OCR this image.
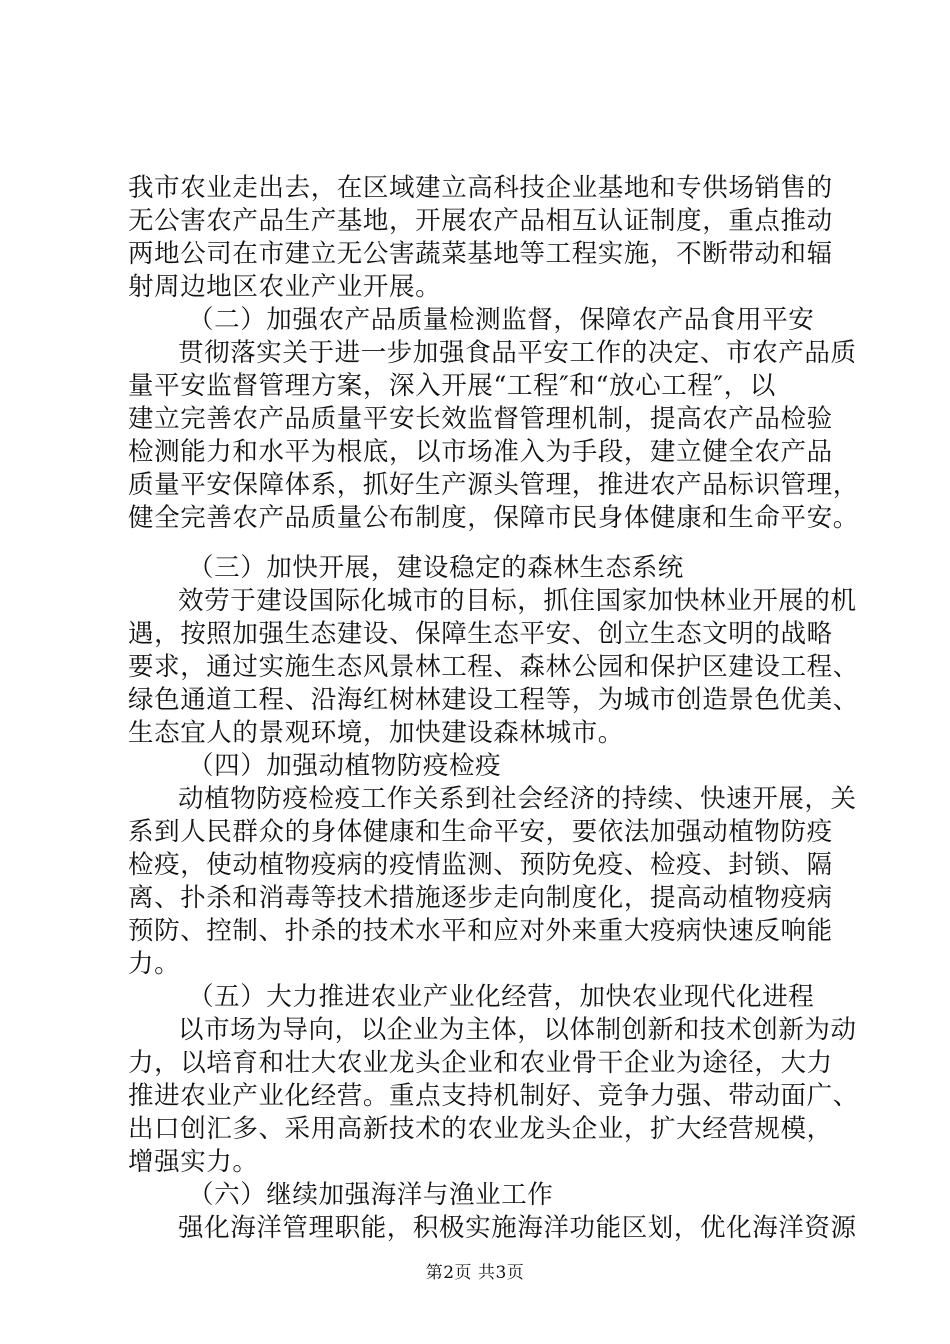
我市农业走出去，在区域建立高科技企业基地和专供场销售的
无公害农产品生产基地，开展农产品相互认证制度，重点推动
两地公司在市建立无公害蔬菜基地等工程实施，不断带动和辐
射周边地区农业产业开展。
（二）加强农产品质量检测监督，保障农产品食用平安
贯彻落实关于进一步加强食品平安工作的决定、市农产品质
量平安监督管理方案，深入开展“工程″和“放心工程″，以
建立完善农产品质量平安长效监督管理机制，提高农产品检验
检测能力和水平为根底，以市场准入为手段，建立健全农产品
质量平安保障体系，抓好生产源头管理，推进农产品标识管理，
健全完善农产品质量公布制度，保障市民身体健康和生命平安。
（三）加快开展，建设稳定的森林生态系统
效劳于建设国际化城市的目标，抓住国家加快林业开展的机
遇，按照加强生态建设、保障生态平安、创立生态文明的战略
要求，通过实施生态风景林工程、森林公园和保护区建设工程、
绿色通道工程、沿海红树林建设工程等，为城市创造景色优美、
生态宜人的景观环境，加快建设森林城市。
（四）加强动植物防疫检疫
动植物防疫检疫工作关系到社会经济的持续、快速开展，关
系到人民群众的身体健康和生命平安，要依法加强动植物防疫
检疫，使动植物疫病的疫情监测、预防免疫、检疫、封锁、隔
离、扑杀和消毒等技术措施逐步走向制度化，提高动植物疫病
预防、控制、扑杀的技术水平和应对外来重大疫病快速反响能
力。
（五）大力推进农业产业化经营，加快农业现代化进程
以市场为导向，以企业为主体，以体制创新和技术创新为动
力，以培育和壮大农业龙头企业和农业骨干企业为途径，大力
推进农业产业化经营。重点支持机制好、竞争力强、带动面广、
出口创汇多、采用高新技术的农业龙头企业，扩大经营规模，
增强实力。
（六）继续加强海洋与渔业工作
强化海洋管理职能，积极实施海洋功能区划，优化海洋资源
第2页 共3页
